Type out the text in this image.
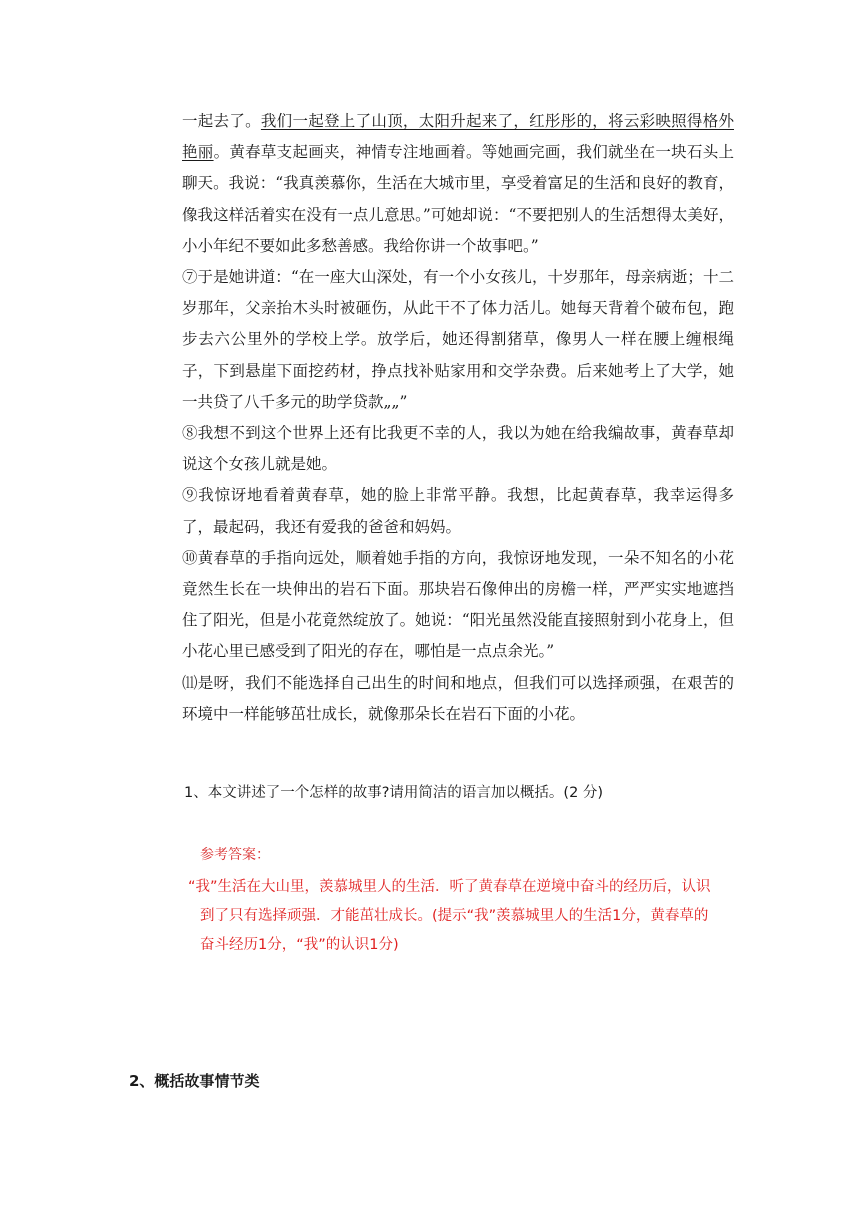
一起去了。我们一起登上了山顶，太阳升起来了，红彤彤的，将云彩映照得格外艳丽。黄春草支起画夹，神情专注地画着。等她画完画，我们就坐在一块石头上聊天。我说：“我真羡慕你，生活在大城市里，享受着富足的生活和良好的教育，像我这样活着实在没有一点儿意思。”可她却说：“不要把别人的生活想得太美好，小小年纪不要如此多愁善感。我给你讲一个故事吧。”

⑦于是她讲道：“在一座大山深处，有一个小女孩儿，十岁那年，母亲病逝；十二岁那年，父亲抬木头时被砸伤，从此干不了体力活儿。她每天背着个破布包，跑步去六公里外的学校上学。放学后，她还得割猪草，像男人一样在腰上缠根绳子，下到悬崖下面挖药材，挣点找补贴家用和交学杂费。后来她考上了大学，她一共贷了八千多元的助学贷款„„”

⑧我想不到这个世界上还有比我更不幸的人，我以为她在给我编故事，黄春草却说这个女孩儿就是她。

⑨我惊讶地看着黄春草，她的脸上非常平静。我想，比起黄春草，我幸运得多了，最起码，我还有爱我的爸爸和妈妈。

⑩黄春草的手指向远处，顺着她手指的方向，我惊讶地发现，一朵不知名的小花竟然生长在一块伸出的岩石下面。那块岩石像伸出的房檐一样，严严实实地遮挡住了阳光，但是小花竟然绽放了。她说：“阳光虽然没能直接照射到小花身上，但小花心里已感受到了阳光的存在，哪怕是一点点余光。”

⑾是呀，我们不能选择自己出生的时间和地点，但我们可以选择顽强，在艰苦的环境中一样能够茁壮成长，就像那朵长在岩石下面的小花。

1、本文讲述了一个怎样的故事?请用简洁的语言加以概括。(2 分)
参考答案：
“我”生活在大山里，羡慕城里人的生活．听了黄春草在逆境中奋斗的经历后，认识
到了只有选择顽强．才能茁壮成长。(提示“我”羡慕城里人的生活1分，黄春草的
奋斗经历1分，“我”的认识1分)
2、概括故事情节类
